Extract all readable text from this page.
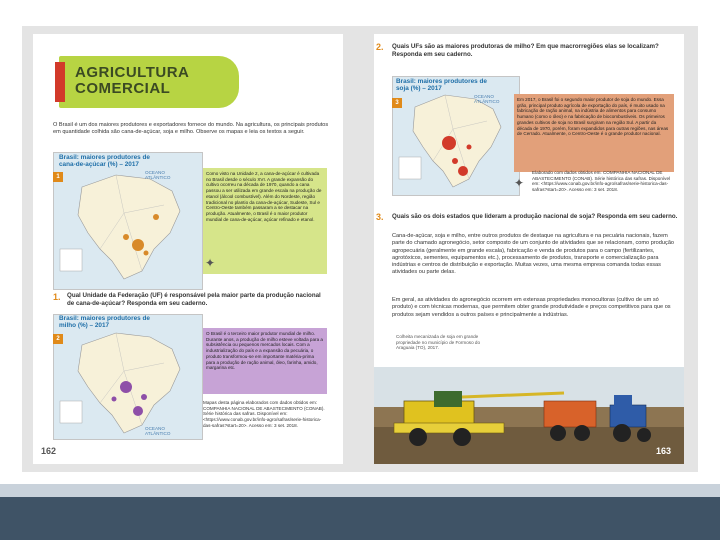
AGRICULTURA
COMERCIAL

O Brasil é um dos maiores produtores e exportadores fornece do mundo. Na agricultura, os principais produtos em quantidade colhida são cana-de-açúcar, soja e milho. Observe os mapas e leia os textos a seguir.

Brasil: maiores produtores de cana-de-açúcar (%) – 2017
1
OCEANO ATLÂNTICO
Como visto na Unidade 2, a cana-de-açúcar é cultivada no Brasil desde o século XVI. A grande expansão do cultivo ocorreu na década de 1970, quando a cana passou a ser utilizada em grande escala na produção de etanol (álcool combustível). Além do Nordeste, região tradicional no plantio da cana-de-açúcar, Sudeste, Sul e Centro-Oeste também passaram a se destacar na produção. Atualmente, o Brasil é o maior produtor mundial de cana-de-açúcar, açúcar refinado e etanol.
✦
1. Qual Unidade da Federação (UF) é responsável pela maior parte da produção nacional de cana-de-açúcar? Responda em seu caderno.

Brasil: maiores produtores de milho (%) – 2017
2
OCEANO ATLÂNTICO
O Brasil é o terceiro maior produtor mundial de milho. Durante anos, a produção de milho esteve voltada para a subsistência ou pequenos mercados locais. Com a industrialização do país e a expansão da pecuária, o produto transformou-se em importante matéria-prima para a produção de ração animal, óleo, farinha, amido, margarina etc.

Mapas desta página elaborados com dados obtidos em: COMPANHIA NACIONAL DE ABASTECIMENTO (CONAB). Série histórica das safras. Disponível em: <https://www.conab.gov.br/info-agro/safras/serie-historica-das-safras?start=20>. Acesso em: 3 set. 2018.

162
2. Quais UFs são as maiores produtoras de milho? Em que macrorregiões elas se localizam? Responda em seu caderno.

Brasil: maiores produtores de soja (%) – 2017
3
OCEANO ATLÂNTICO	Em 2017, o Brasil foi o segundo maior produtor de soja do mundo. Essa grão, principal produto agrícola de exportação do país, é muito usado na fabricação de ração animal, na indústria de alimentos para consumo humano (como o óleo) e na fabricação de biocombustíveis. Os primeiros grandes cultivos de soja no Brasil surgiram na região Sul. A partir da década de 1970, porém, foram expandidos para outras regiões, nas áreas de Cerrado. Atualmente, o Centro-Oeste é o grande produtor nacional.
✦

Elaborado com dados obtidos em: COMPANHIA NACIONAL DE ABASTECIMENTO (CONAB). Série histórica das safras. Disponível em: <https://www.conab.gov.br/info-agro/safras/serie-historica-das-safras?start=20>. Acesso em: 3 set. 2018.

3. Quais são os dois estados que lideram a produção nacional de soja? Responda em seu caderno.

Cana-de-açúcar, soja e milho, entre outros produtos de destaque na agricultura e na pecuária nacionais, fazem parte do chamado agronegócio, setor composto de um conjunto de atividades que se relacionam, como produção agropecuária (geralmente em grande escala), fabricação e venda de produtos para o campo (fertilizantes, agrotóxicos, sementes, equipamentos etc.), processamento de produtos, transporte e comercialização para indústrias e centros de distribuição e exportação. Muitas vezes, uma mesma empresa comanda todas essas atividades ou parte delas.

Em geral, as atividades do agronegócio ocorrem em extensas propriedades monocultoras (cultivo de um só produto) e com técnicas modernas, que permitem obter grande produtividade e preços competitivos para que os produtos sejam vendidos a outros países e principalmente a indústrias.

Colheita mecanizada de soja em grande propriedade no município de Formoso do Araguaia (TO), 2017.

163
